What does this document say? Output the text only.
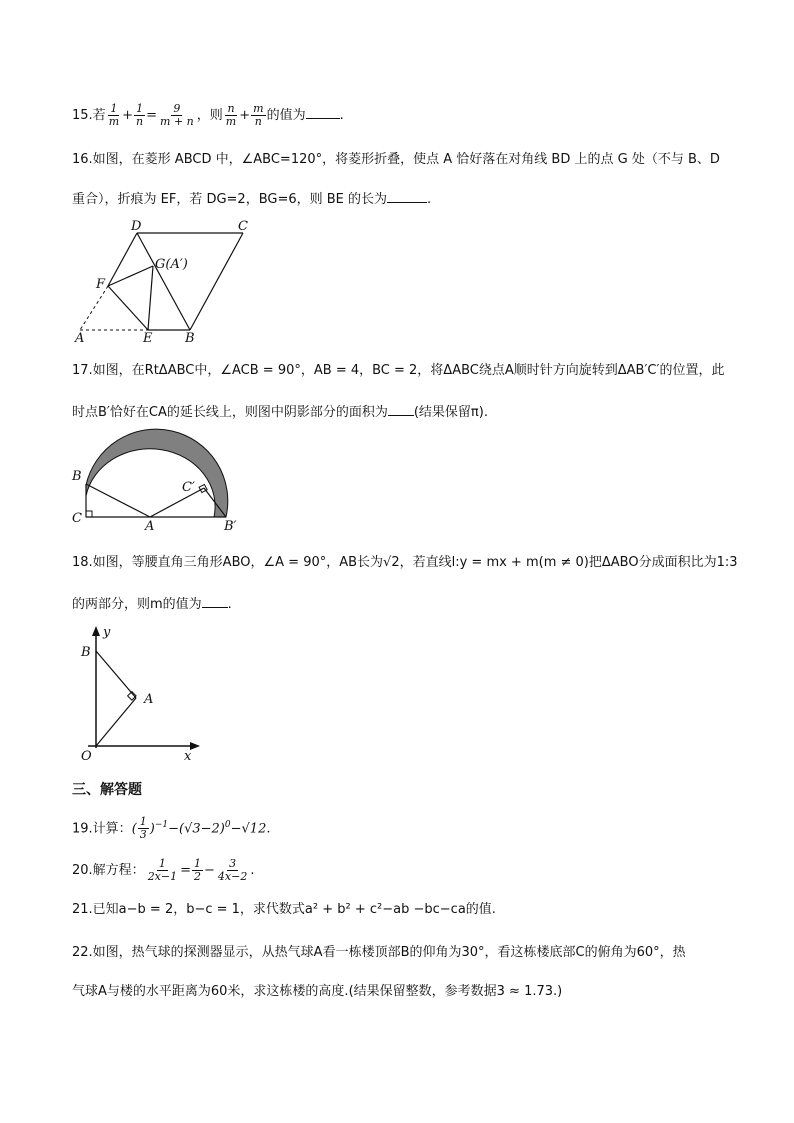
15.若 $\frac{1}{m} + \frac{1}{n} = \frac{9}{m + n}$ ，则 $\frac{n}{m} + \frac{m}{n}$ 的值为	.
16.如图，在菱形 ABCD 中，∠ABC=120°，将菱形折叠，使点 A 恰好落在对角线 BD 上的点 G 处（不与 B、D
重合），折痕为 EF，若 DG=2，BG=6，则 BE 的长为	.
D	C
G(A′)
F
A	E	B
17.如图，在RtΔABC中，∠ACB = 90°，AB = 4，BC = 2，将ΔABC绕点A顺时针方向旋转到ΔAB′C′的位置，此
时点B′恰好在CA的延长线上，则图中阴影部分的面积为 (结果保留π).
B
C
A
C′
B′
18.如图，等腰直角三角形ABO，∠A = 90°，AB长为√2，若直线l:y = mx + m(m ≠ 0)把ΔABO分成面积比为1:3
的两部分，则m的值为 .
y
B
A
O	x
三、解答题
19.计算：( $\frac{1}{3} )^{-1}-(√3-2)^0-√12$.
20.解方程： $\frac{1}{2x-1} = \frac{1}{2} - \frac{3}{4x-2}$ .
21.已知a−b = 2，b−c = 1，求代数式a² + b² + c²−ab −bc−ca的值.
22.如图，热气球的探测器显示，从热气球A看一栋楼顶部B的仰角为30°，看这栋楼底部C的俯角为60°，热
气球A与楼的水平距离为60米，求这栋楼的高度.(结果保留整数，参考数据3 ≈ 1.73.)
